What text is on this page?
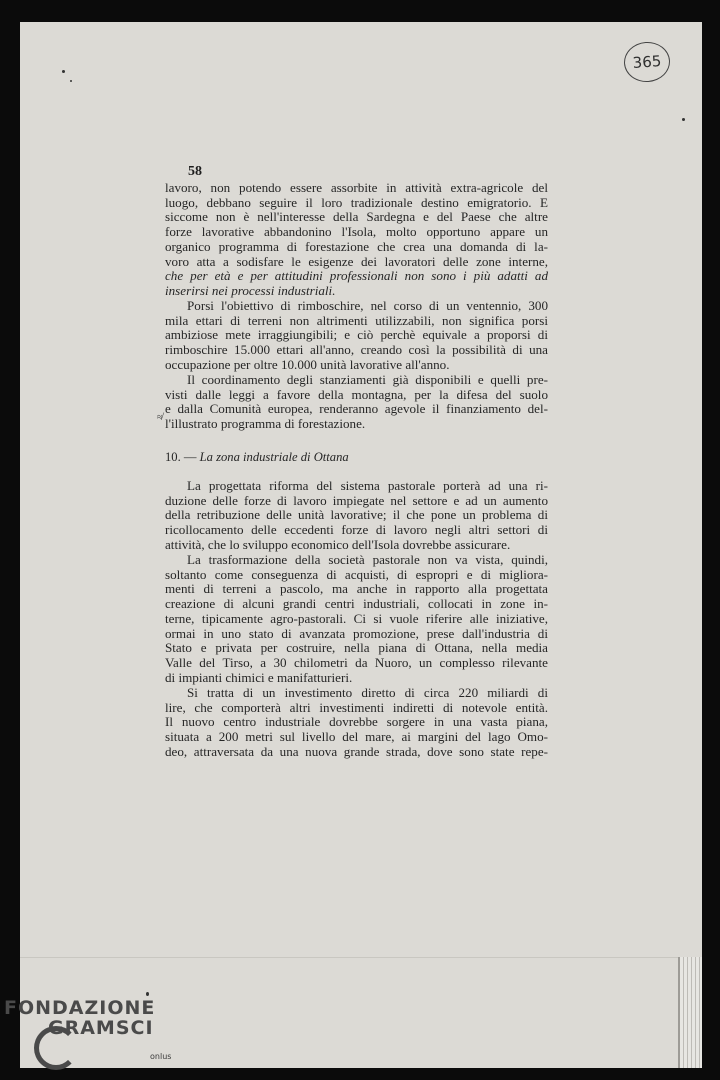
365
58
lavoro, non potendo essere assorbite in attività extra-agricole del
luogo, debbano seguire il loro tradizionale destino emigratorio. E
siccome non è nell'interesse della Sardegna e del Paese che altre
forze lavorative abbandonino l'Isola, molto opportuno appare un
organico programma di forestazione che crea una domanda di la-
voro atta a sodisfare le esigenze dei lavoratori delle zone interne,
che per età e per attitudini professionali non sono i più adatti ad
inserirsi nei processi industriali.
Porsi l'obiettivo di rimboschire, nel corso di un ventennio, 300
mila ettari di terreni non altrimenti utilizzabili, non significa porsi
ambiziose mete irraggiungibili; e ciò perchè equivale a proporsi di
rimboschire 15.000 ettari all'anno, creando così la possibilità di una
occupazione per oltre 10.000 unità lavorative all'anno.
Il coordinamento degli stanziamenti già disponibili e quelli pre-
visti dalle leggi a favore della montagna, per la difesa del suolo
e dalla Comunità europea, renderanno agevole il finanziamento del-
l'illustrato programma di forestazione.
≉
10. — La zona industriale di Ottana
La progettata riforma del sistema pastorale porterà ad una ri-
duzione delle forze di lavoro impiegate nel settore e ad un aumento
della retribuzione delle unità lavorative; il che pone un problema di
ricollocamento delle eccedenti forze di lavoro negli altri settori di
attività, che lo sviluppo economico dell'Isola dovrebbe assicurare.
La trasformazione della società pastorale non va vista, quindi,
soltanto come conseguenza di acquisti, di espropri e di migliora-
menti di terreni a pascolo, ma anche in rapporto alla progettata
creazione di alcuni grandi centri industriali, collocati in zone in-
terne, tipicamente agro-pastorali. Ci si vuole riferire alle iniziative,
ormai in uno stato di avanzata promozione, prese dall'industria di
Stato e privata per costruire, nella piana di Ottana, nella media
Valle del Tirso, a 30 chilometri da Nuoro, un complesso rilevante
di impianti chimici e manifatturieri.
Si tratta di un investimento diretto di circa 220 miliardi di
lire, che comporterà altri investimenti indiretti di notevole entità.
Il nuovo centro industriale dovrebbe sorgere in una vasta piana,
situata a 200 metri sul livello del mare, ai margini del lago Omo-
deo, attraversata da una nuova grande strada, dove sono state repe-
FONDAZIONE
GRAMSCI
onlus
